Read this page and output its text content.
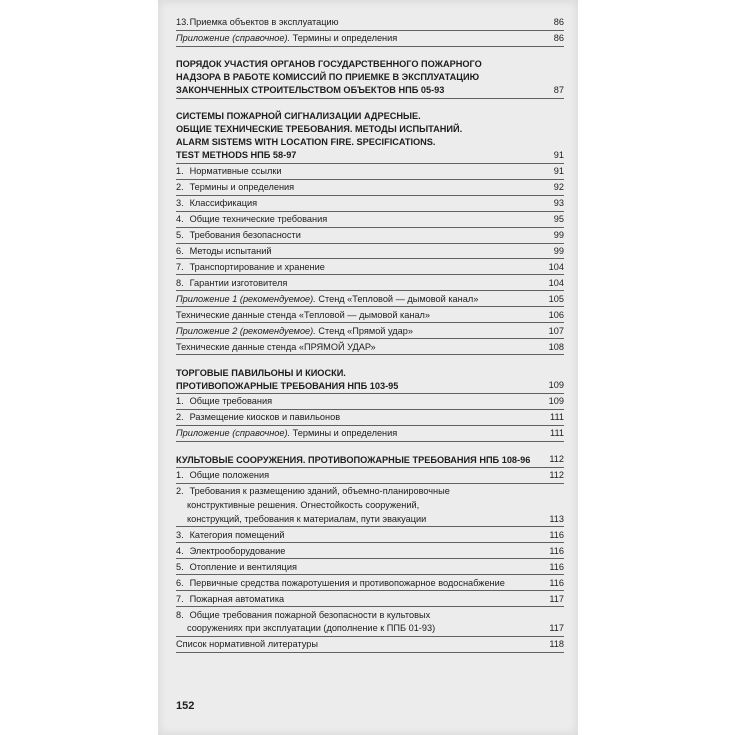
13. Приемка объектов в эксплуатацию	86
Приложение (справочное). Термины и определения	86
ПОРЯДОК УЧАСТИЯ ОРГАНОВ ГОСУДАРСТВЕННОГО ПОЖАРНОГО
НАДЗОРА В РАБОТЕ КОМИССИЙ ПО ПРИЕМКЕ В ЭКСПЛУАТАЦИЮ
ЗАКОНЧЕННЫХ СТРОИТЕЛЬСТВОМ ОБЪЕКТОВ НПБ 05-93	87
СИСТЕМЫ ПОЖАРНОЙ СИГНАЛИЗАЦИИ АДРЕСНЫЕ.
ОБЩИЕ ТЕХНИЧЕСКИЕ ТРЕБОВАНИЯ. МЕТОДЫ ИСПЫТАНИЙ.
ALARM SISTEMS WITH LOCATION FIRE. SPECIFICATIONS.
TEST METHODS НПБ 58-97	91
1. Нормативные ссылки	91
2. Термины и определения	92
3. Классификация	93
4. Общие технические требования	95
5. Требования безопасности	99
6. Методы испытаний	99
7. Транспортирование и хранение	104
8. Гарантии изготовителя	104
Приложение 1 (рекомендуемое). Стенд «Тепловой — дымовой канал»	105
Технические данные стенда «Тепловой — дымовой канал»	106
Приложение 2 (рекомендуемое). Стенд «Прямой удар»	107
Технические данные стенда «ПРЯМОЙ УДАР»	108
ТОРГОВЫЕ ПАВИЛЬОНЫ И КИОСКИ.
ПРОТИВОПОЖАРНЫЕ ТРЕБОВАНИЯ НПБ 103-95	109
1. Общие требования	109
2. Размещение киосков и павильонов	111
Приложение (справочное). Термины и определения	111
КУЛЬТОВЫЕ СООРУЖЕНИЯ. ПРОТИВОПОЖАРНЫЕ ТРЕБОВАНИЯ НПБ 108-96	112
1. Общие положения	112
2. Требования к размещению зданий, объемно-планировочные
конструктивные решения. Огнестойкость сооружений,
конструкций, требования к материалам, пути эвакуации	113
3. Категория помещений	116
4. Электрооборудование	116
5. Отопление и вентиляция	116
6. Первичные средства пожаротушения и противопожарное водоснабжение	116
7. Пожарная автоматика	117
8. Общие требования пожарной безопасности в культовых
сооружениях при эксплуатации (дополнение к ППБ 01-93)	117
Список нормативной литературы	118
152
